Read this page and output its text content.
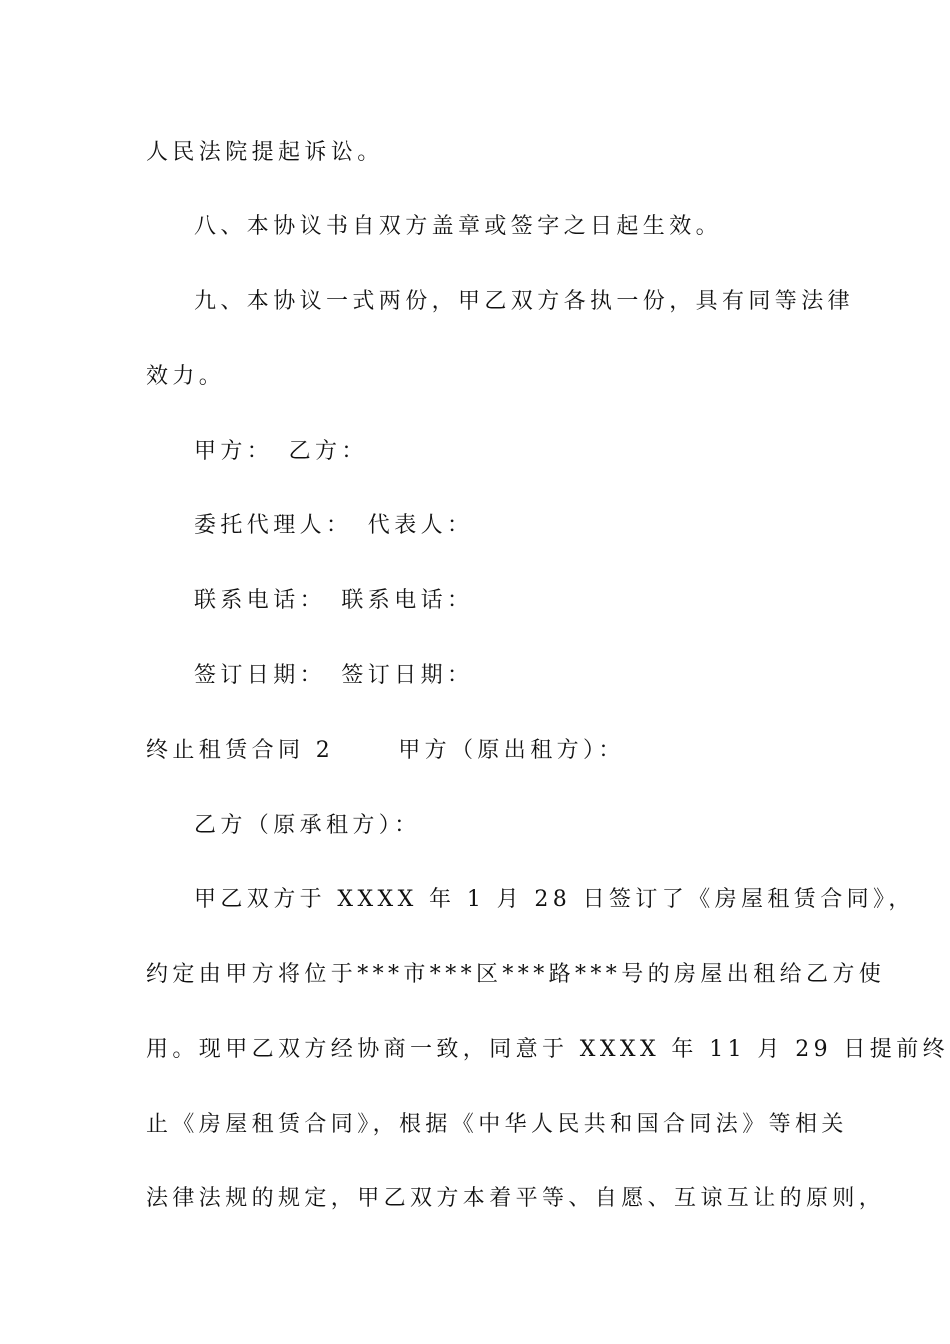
人民法院提起诉讼。
八、本协议书自双方盖章或签字之日起生效。
九、本协议一式两份，甲乙双方各执一份，具有同等法律
效力。
甲方：　乙方：
委托代理人：　代表人：
联系电话：　联系电话：
签订日期：　签订日期：
终止租赁合同 2	甲方（原出租方）：
乙方（原承租方）：
甲乙双方于 XXXX 年 1 月 28 日签订了《房屋租赁合同》，
约定由甲方将位于***市***区***路***号的房屋出租给乙方使
用。现甲乙双方经协商一致，同意于 XXXX 年 11 月 29 日提前终
止《房屋租赁合同》，根据《中华人民共和国合同法》等相关
法律法规的规定，甲乙双方本着平等、自愿、互谅互让的原则，
